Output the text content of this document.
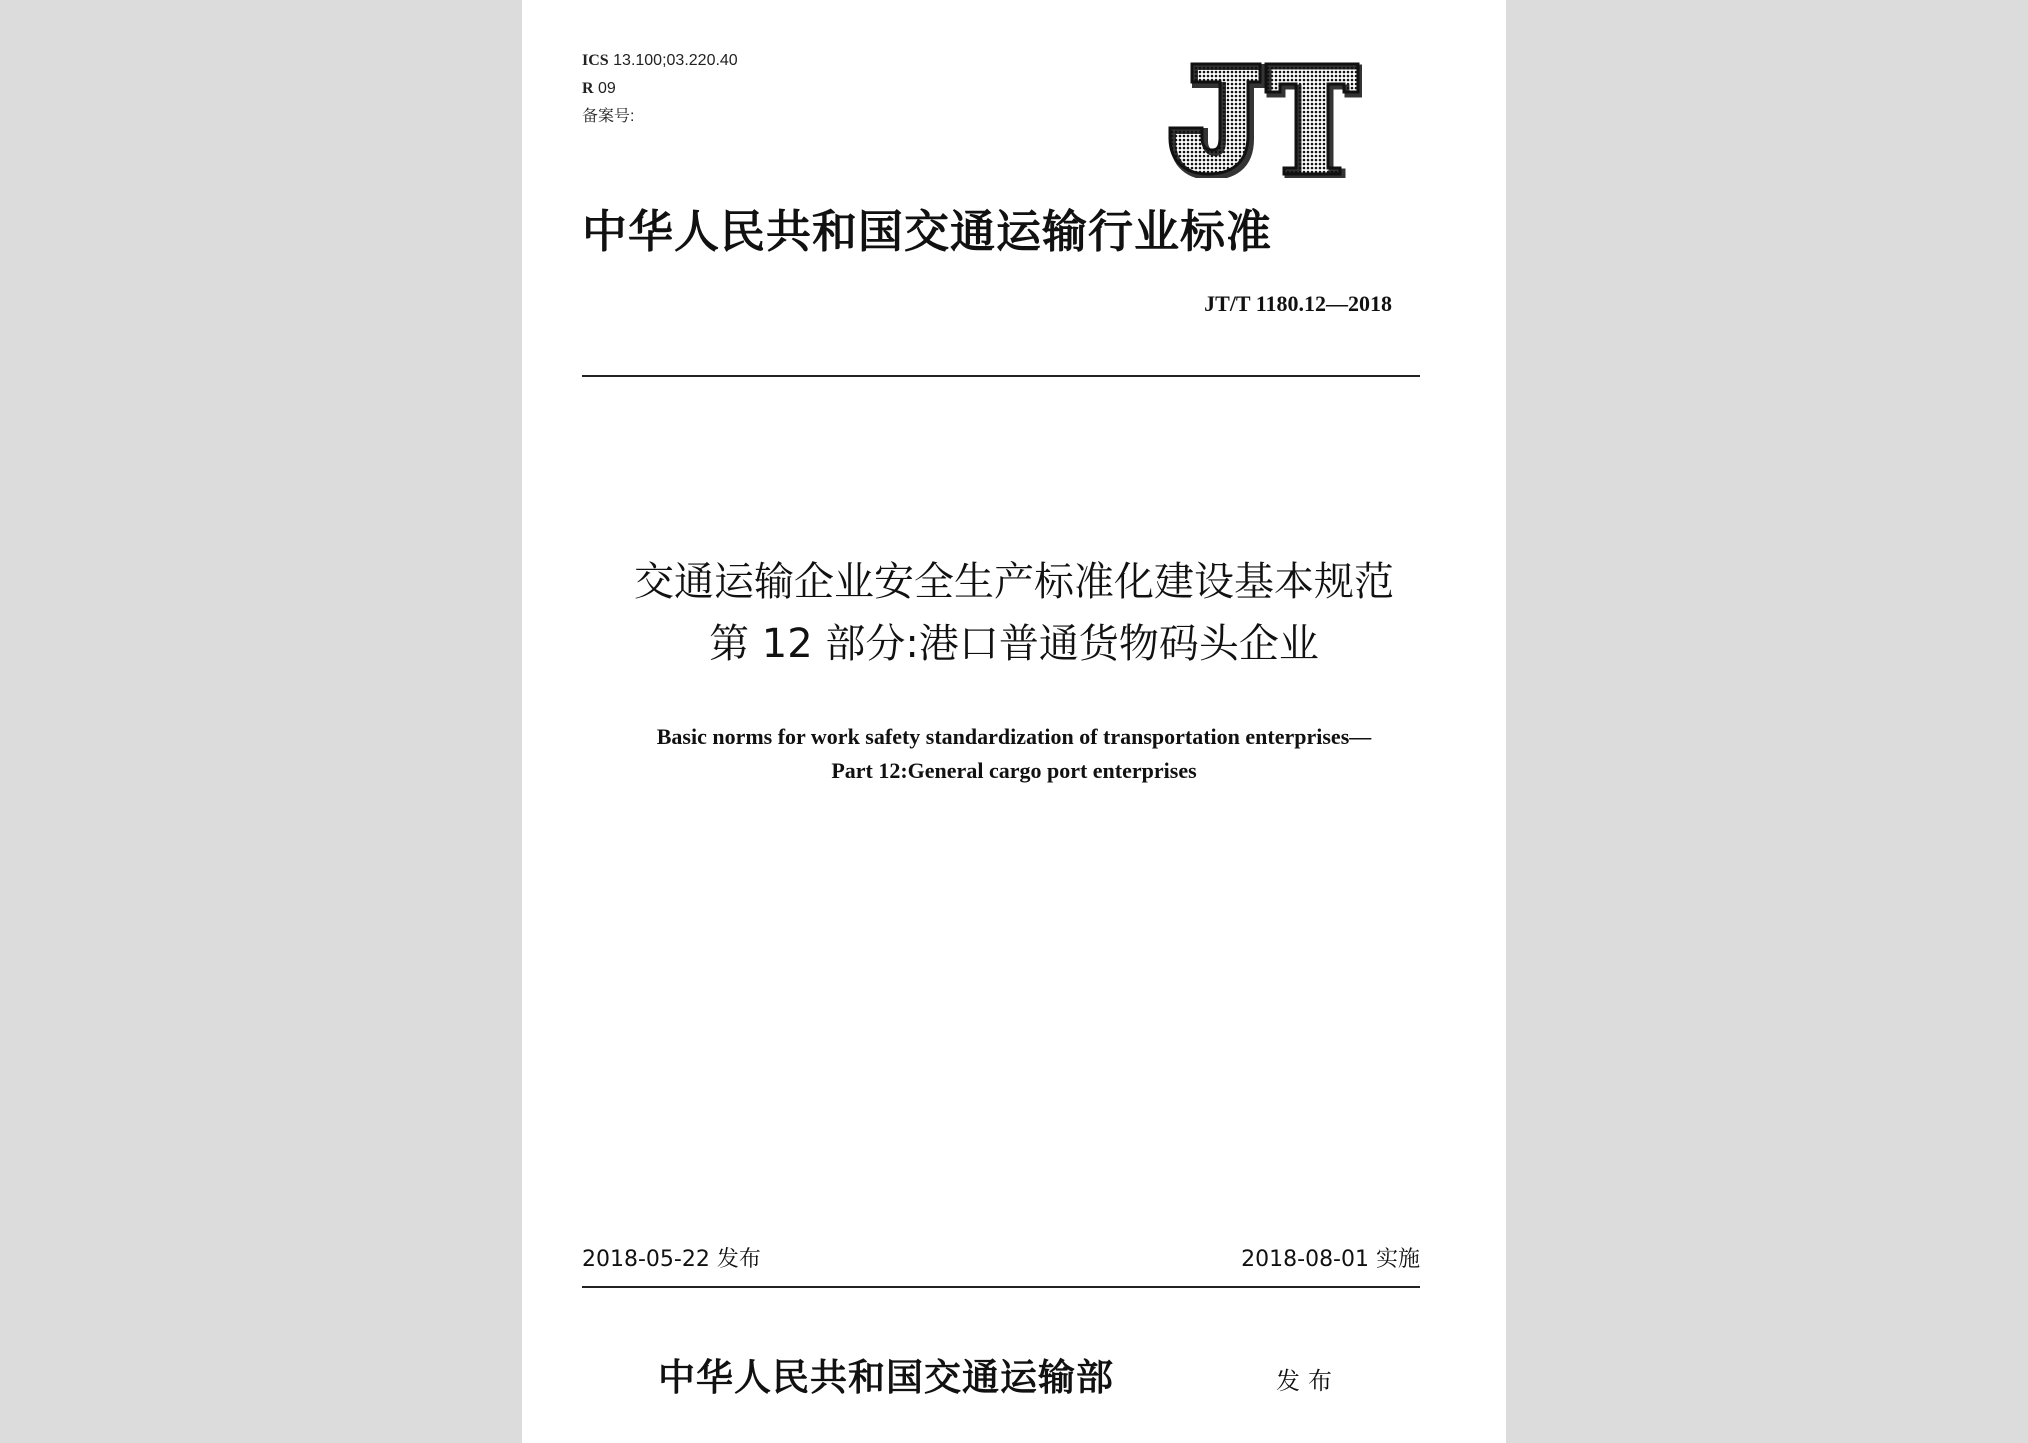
ICS 13.100;03.220.40
R 09
备案号:
中华人民共和国交通运输行业标准
JT/T 1180.12—2018
交通运输企业安全生产标准化建设基本规范
第 12 部分:港口普通货物码头企业
Basic norms for work safety standardization of transportation enterprises—
Part 12:General cargo port enterprises
2018-05-22 发布	2018-08-01 实施
中华人民共和国交通运输部	发布
